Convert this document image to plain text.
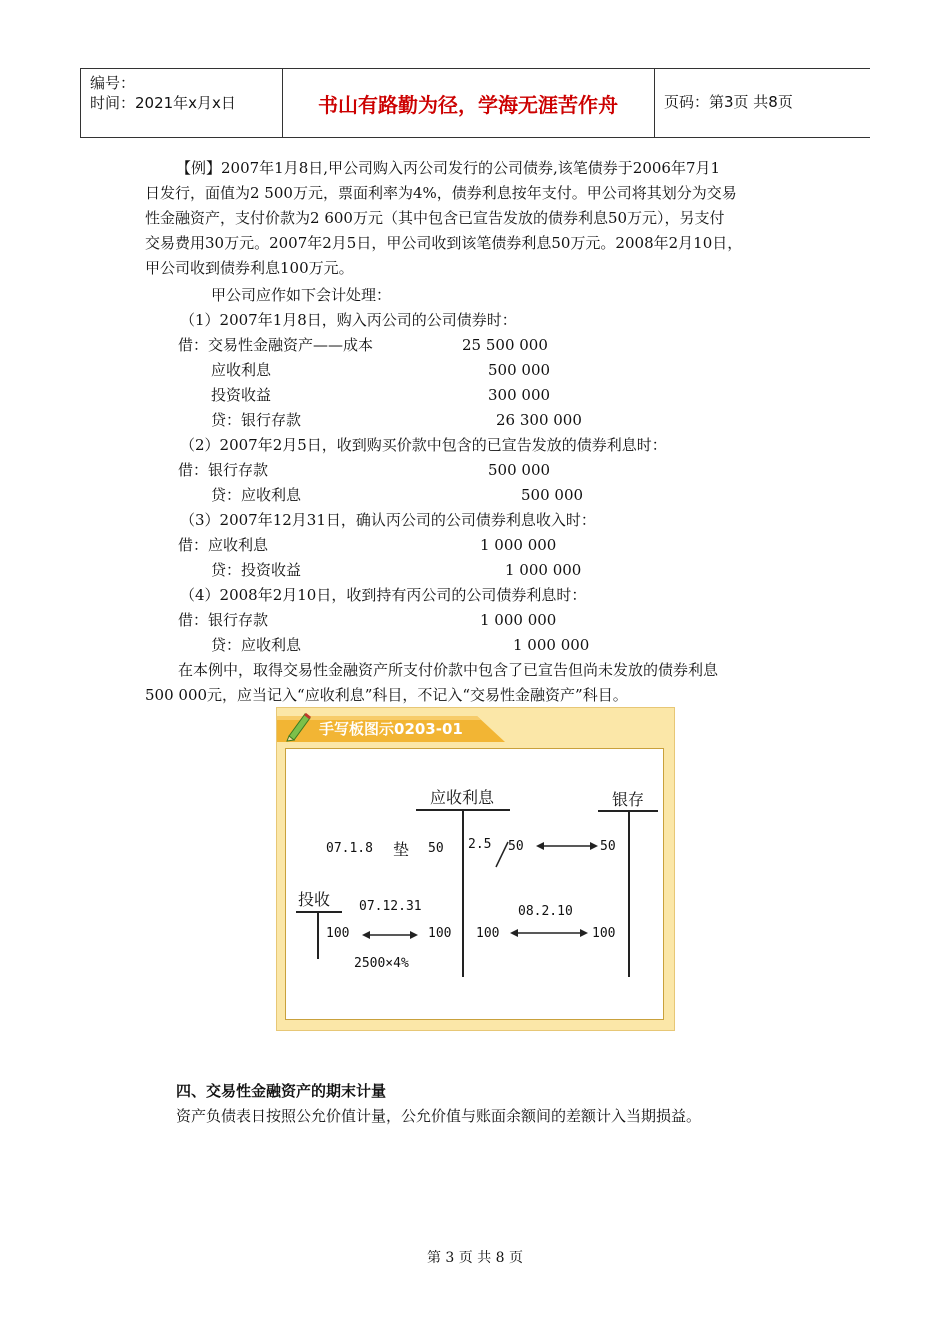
编号：
时间：2021年x月x日	书山有路勤为径，学海无涯苦作舟	页码：第3页 共8页
【例】2007年1月8日,甲公司购入丙公司发行的公司债券,该笔债券于2006年7月1
日发行，面值为2 500万元，票面利率为4%，债券利息按年支付。甲公司将其划分为交易
性金融资产，支付价款为2 600万元（其中包含已宣告发放的债券利息50万元），另支付
交易费用30万元。2007年2月5日，甲公司收到该笔债券利息50万元。2008年2月10日，
甲公司收到债券利息100万元。
甲公司应作如下会计处理：
（1）2007年1月8日，购入丙公司的公司债券时：
借：交易性金融资产——成本	25 500 000
应收利息	500 000
投资收益	300 000
贷：银行存款	26 300 000
（2）2007年2月5日，收到购买价款中包含的已宣告发放的债券利息时：
借：银行存款	500 000
贷：应收利息	500 000
（3）2007年12月31日，确认丙公司的公司债券利息收入时：
借：应收利息	1 000 000
贷：投资收益	1 000 000
（4）2008年2月10日，收到持有丙公司的公司债券利息时：
借：银行存款	1 000 000
贷：应收利息	1 000 000
在本例中，取得交易性金融资产所支付价款中包含了已宣告但尚未发放的债券利息
500 000元，应当记入“应收利息”科目，不记入“交易性金融资产”科目。
手写板图示0203-01
应收利息	银存
投收
07.1.8 垫 50 2.5 50	50
07.12.31	08.2.10
100	100 100	100
2500×4%
四、交易性金融资产的期末计量
资产负债表日按照公允价值计量，公允价值与账面余额间的差额计入当期损益。
第 3 页 共 8 页
